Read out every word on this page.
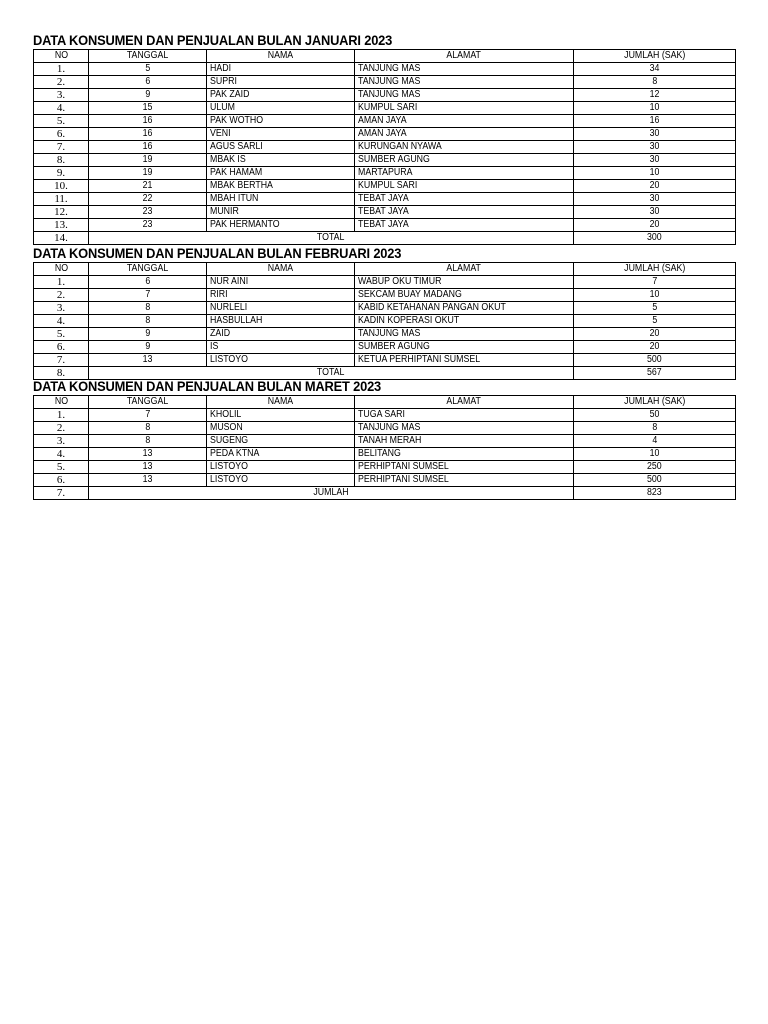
DATA KONSUMEN DAN PENJUALAN BULAN JANUARI 2023
NO	TANGGAL	NAMA	ALAMAT	JUMLAH (SAK)
1.	5	HADI	TANJUNG MAS	34
2.	6	SUPRI	TANJUNG MAS	8
3.	9	PAK ZAID	TANJUNG MAS	12
4.	15	ULUM	KUMPUL SARI	10
5.	16	PAK WOTHO	AMAN JAYA	16
6.	16	VENI	AMAN JAYA	30
7.	16	AGUS SARLI	KURUNGAN NYAWA	30
8.	19	MBAK IS	SUMBER AGUNG	30
9.	19	PAK HAMAM	MARTAPURA	10
10.	21	MBAK BERTHA	KUMPUL SARI	20
11.	22	MBAH ITUN	TEBAT JAYA	30
12.	23	MUNIR	TEBAT JAYA	30
13.	23	PAK HERMANTO	TEBAT JAYA	20
14.	TOTAL			300
DATA KONSUMEN DAN PENJUALAN BULAN FEBRUARI 2023
NO	TANGGAL	NAMA	ALAMAT	JUMLAH (SAK)
1.	6	NUR AINI	WABUP OKU TIMUR	7
2.	7	RIRI	SEKCAM BUAY MADANG	10
3.	8	NURLELI	KABID KETAHANAN PANGAN OKUT	5
4.	8	HASBULLAH	KADIN KOPERASI OKUT	5
5.	9	ZAID	TANJUNG MAS	20
6.	9	IS	SUMBER AGUNG	20
7.	13	LISTOYO	KETUA PERHIPTANI SUMSEL	500
8.	TOTAL			567
DATA KONSUMEN DAN PENJUALAN BULAN MARET 2023
NO	TANGGAL	NAMA	ALAMAT	JUMLAH (SAK)
1.	7	KHOLIL	TUGA SARI	50
2.	8	MUSON	TANJUNG MAS	8
3.	8	SUGENG	TANAH MERAH	4
4.	13	PEDA KTNA	BELITANG	10
5.	13	LISTOYO	PERHIPTANI SUMSEL	250
6.	13	LISTOYO	PERHIPTANI SUMSEL	500
7.	JUMLAH			823
